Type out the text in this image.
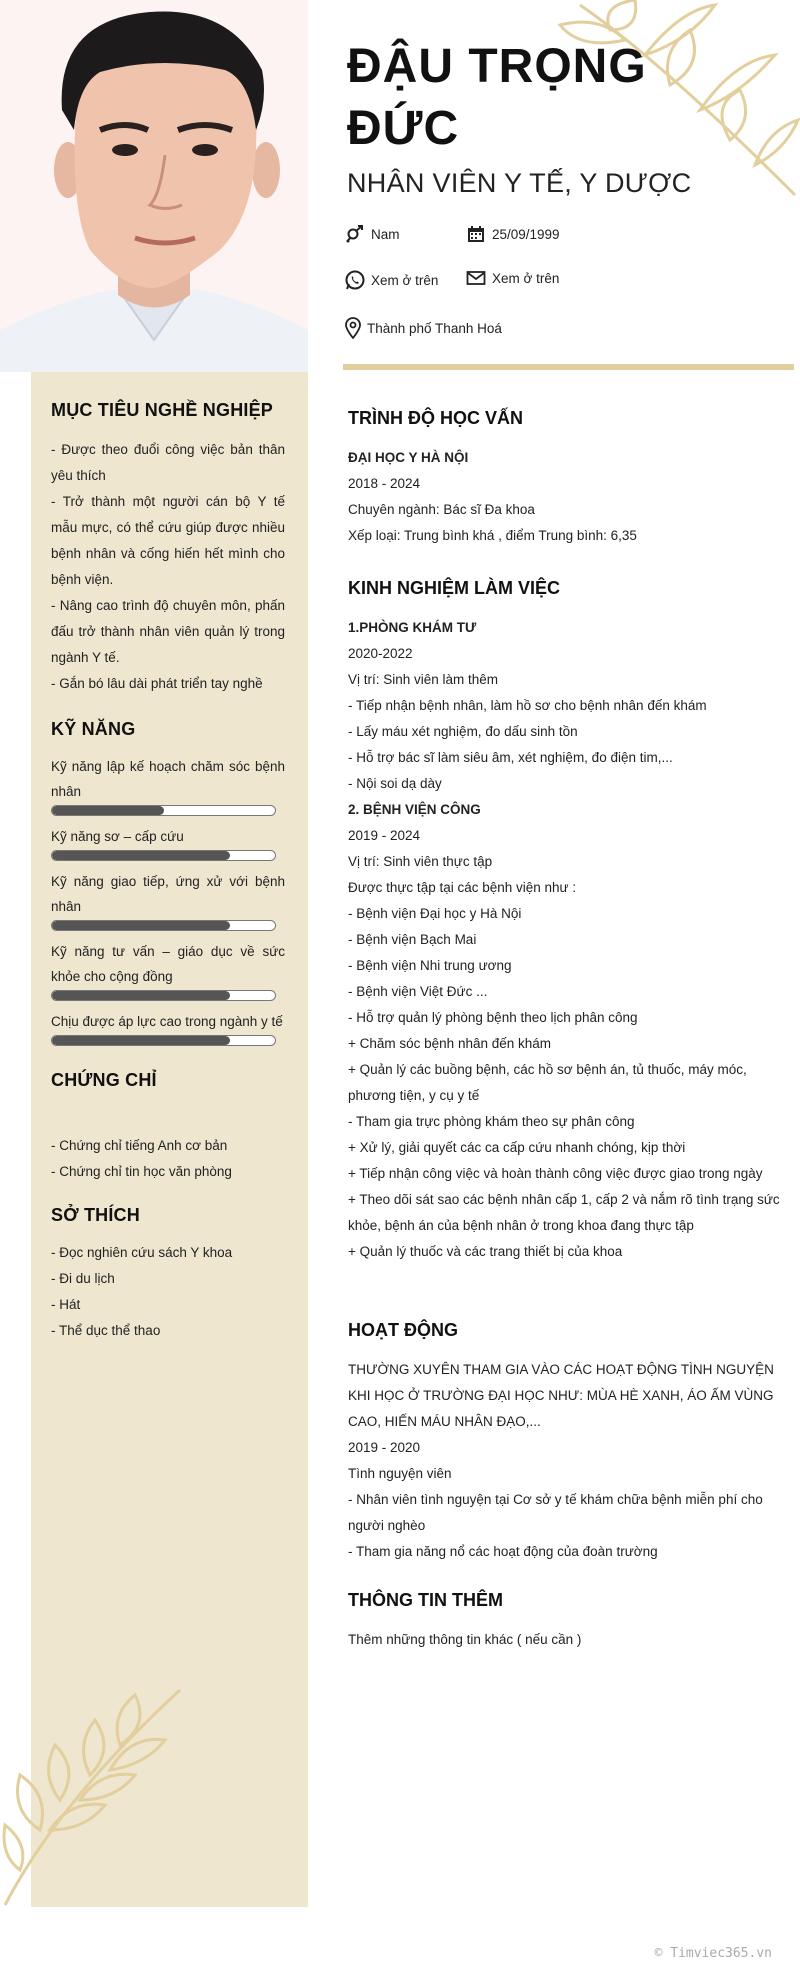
MỤC TIÊU NGHỀ NGHIỆP

- Được theo đuổi công việc bản thân yêu thích

- Trở thành một người cán bộ Y tế mẫu mực, có thể cứu giúp được nhiều bệnh nhân và cống hiến hết mình cho bệnh viện.

- Nâng cao trình độ chuyên môn, phấn đấu trở thành nhân viên quản lý trong ngành Y tế.

- Gắn bó lâu dài phát triển tay nghề

KỸ NĂNG
Kỹ năng lập kế hoạch chăm sóc bệnh nhân
Kỹ năng sơ – cấp cứu
Kỹ năng giao tiếp, ứng xử với bệnh nhân
Kỹ năng tư vấn – giáo dục về sức khỏe cho cộng đồng
Chịu được áp lực cao trong ngành y tế
CHỨNG CHỈ

- Chứng chỉ tiếng Anh cơ bản

- Chứng chỉ tin học văn phòng

SỞ THÍCH

- Đọc nghiên cứu sách Y khoa

- Đi du lịch

- Hát

- Thể dục thể thao

ĐẬU TRỌNG
ĐỨC
NHÂN VIÊN Y TẾ, Y DƯỢC
Nam	25/09/1999
Xem ở trên	Xem ở trên
Thành phố Thanh Hoá
TRÌNH ĐỘ HỌC VẤN
ĐẠI HỌC Y HÀ NỘI
2018 - 2024
Chuyên ngành: Bác sĩ Đa khoa
Xếp loại: Trung bình khá , điểm Trung bình: 6,35
KINH NGHIỆM LÀM VIỆC
1.PHÒNG KHÁM TƯ
2020-2022
Vị trí: Sinh viên làm thêm
- Tiếp nhận bệnh nhân, làm hồ sơ cho bệnh nhân đến khám
- Lấy máu xét nghiệm, đo dấu sinh tồn
- Hỗ trợ bác sĩ làm siêu âm, xét nghiệm, đo điện tim,...
- Nội soi dạ dày
2. BỆNH VIỆN CÔNG
2019 - 2024
Vị trí: Sinh viên thực tập
Được thực tập tại các bệnh viện như :
- Bệnh viện Đại học y Hà Nội
- Bệnh viện Bạch Mai
- Bệnh viện Nhi trung ương
- Bệnh viện Việt Đức ...
- Hỗ trợ quản lý phòng bệnh theo lịch phân công
+ Chăm sóc bệnh nhân đến khám
+ Quản lý các buồng bệnh, các hồ sơ bệnh án, tủ thuốc, máy móc, phương tiện, y cụ y tế
- Tham gia trực phòng khám theo sự phân công
+ Xử lý, giải quyết các ca cấp cứu nhanh chóng, kịp thời
+ Tiếp nhận công việc và hoàn thành công việc được giao trong ngày
+ Theo dõi sát sao các bệnh nhân cấp 1, cấp 2 và nắm rõ tình trạng sức khỏe, bệnh án của bệnh nhân ở trong khoa đang thực tập
+ Quản lý thuốc và các trang thiết bị của khoa
HOẠT ĐỘNG
THƯỜNG XUYÊN THAM GIA VÀO CÁC HOẠT ĐỘNG TÌNH NGUYỆN KHI HỌC Ở TRƯỜNG ĐẠI HỌC NHƯ: MÙA HÈ XANH, ÁO ẤM VÙNG CAO, HIẾN MÁU NHÂN ĐẠO,...
2019 - 2020
Tình nguyện viên
- Nhân viên tình nguyện tại Cơ sở y tế khám chữa bệnh miễn phí cho người nghèo
- Tham gia năng nổ các hoạt động của đoàn trường
THÔNG TIN THÊM
Thêm những thông tin khác ( nếu cần )
© Timviec365.vn
